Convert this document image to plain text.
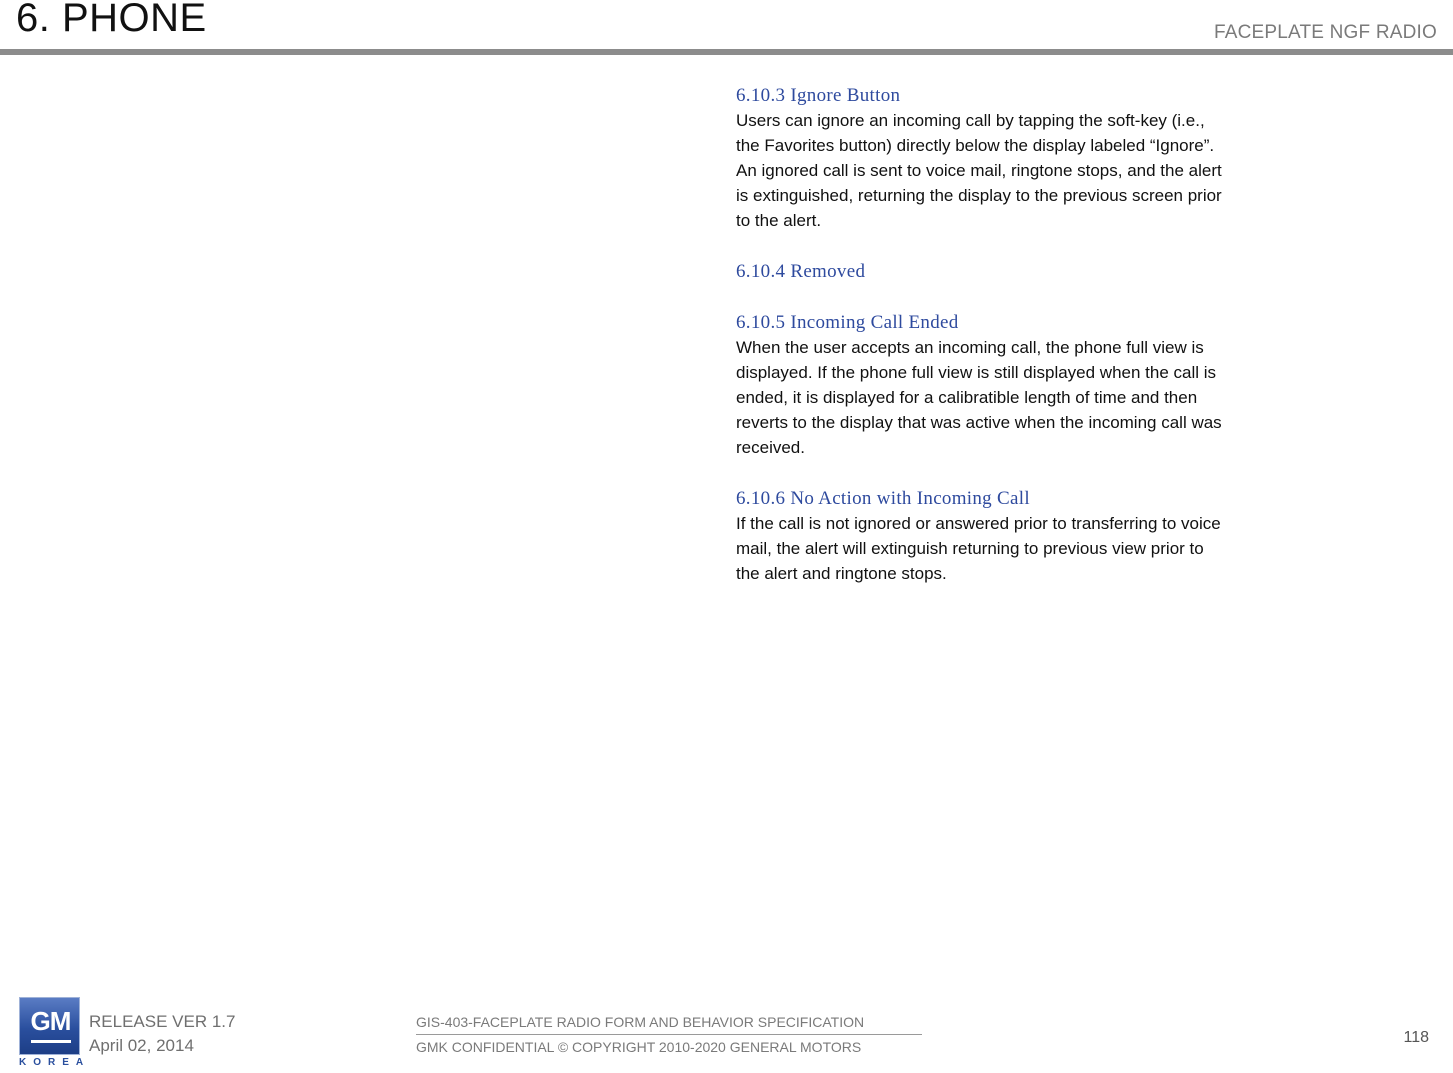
6. PHONE	FACEPLATE NGF RADIO
6.10.3 Ignore Button

Users can ignore an incoming call by tapping the soft-key (i.e., the Favorites button) directly below the display labeled “Ignore”. An ignored call is sent to voice mail, ringtone stops, and the alert is extinguished, returning the display to the previous screen prior to the alert.

6.10.4 Removed
6.10.5 Incoming Call Ended

When the user accepts an incoming call, the phone full view is displayed. If the phone full view is still displayed when the call is ended, it is displayed for a calibratible length of time and then reverts to the display that was active when the incoming call was received.

6.10.6 No Action with Incoming Call

If the call is not ignored or answered prior to transferring to voice mail, the alert will extinguish returning to previous view prior to the alert and ringtone stops.

GM
KOREA
RELEASE VER 1.7
April 02, 2014
GIS-403-FACEPLATE RADIO FORM AND BEHAVIOR SPECIFICATION
GMK CONFIDENTIAL © COPYRIGHT 2010-2020 GENERAL MOTORS
118
